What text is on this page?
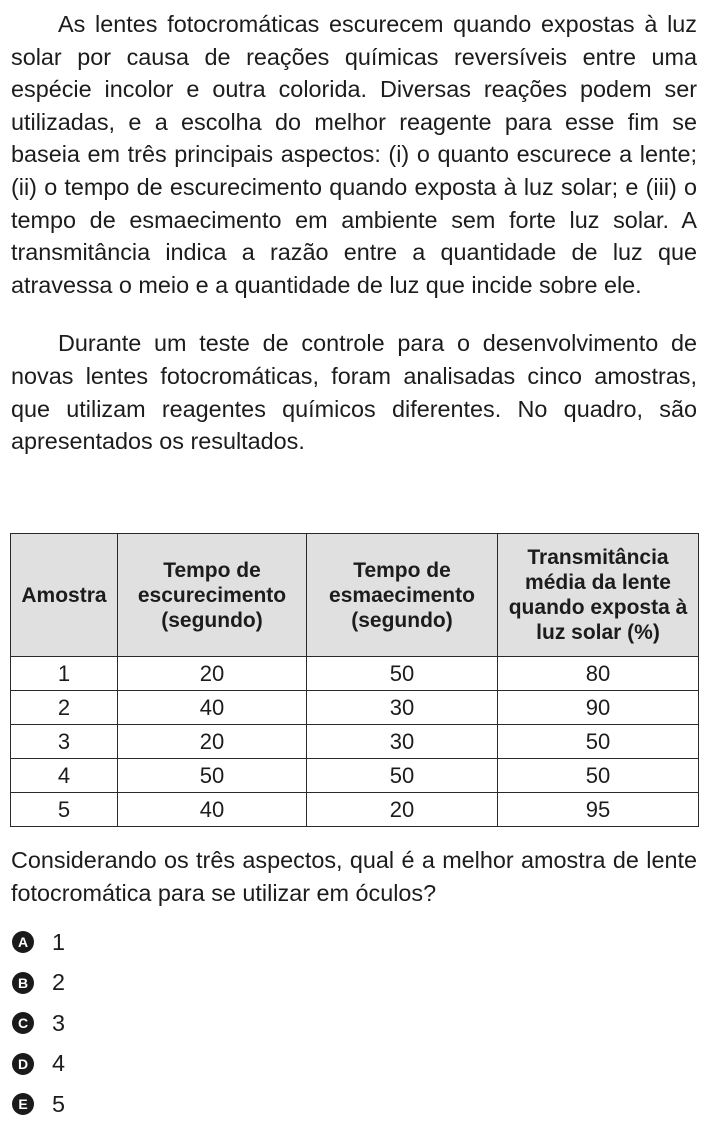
As lentes fotocromáticas escurecem quando expostas à luz solar por causa de reações químicas reversíveis entre uma espécie incolor e outra colorida. Diversas reações podem ser utilizadas, e a escolha do melhor reagente para esse fim se baseia em três principais aspectos: (i) o quanto escurece a lente; (ii) o tempo de escurecimento quando exposta à luz solar; e (iii) o tempo de esmaecimento em ambiente sem forte luz solar. A transmitância indica a razão entre a quantidade de luz que atravessa o meio e a quantidade de luz que incide sobre ele.

Durante um teste de controle para o desenvolvimento de novas lentes fotocromáticas, foram analisadas cinco amostras, que utilizam reagentes químicos diferentes. No quadro, são apresentados os resultados.

Amostra	Tempo de escurecimento (segundo)	Tempo de esmaecimento (segundo)	Transmitância média da lente quando exposta à luz solar (%)
1	20	50	80
2	40	30	90
3	20	30	50
4	50	50	50
5	40	20	95

Considerando os três aspectos, qual é a melhor amostra de lente fotocromática para se utilizar em óculos?

A 1
B 2
C 3
D 4
E 5
